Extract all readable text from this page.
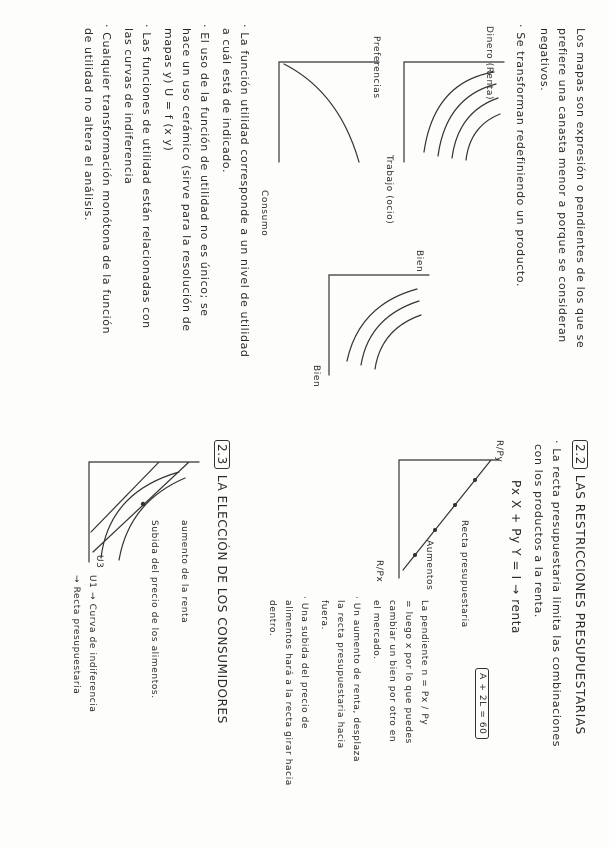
Los mapas son expresión o pendientes de los que se
prefiere una canasta menor a porque se consideran
negativos.
· Se transforman redefiniendo un producto.
Dinero (Renta)
Trabajo (ocio)
Preferencias
Consumo
Bien
Bien
· La función utilidad corresponde a un nivel de utilidad
a cuál está de indicado.
· El uso de la función de utilidad no es único; se
hace un uso cerámico (sirve para la resolución de
mapas y) U = f (x y)
· Las funciones de utilidad están relacionadas con
las curvas de indiferencia
· Cualquier transformación monótona de la función
de utilidad no altera el análisis.
2.2LAS RESTRICCIONES PRESUPUESTARIAS
· La recta presupuestaria limita las combinaciones
con los productos a la renta.
Px X + Py Y = I → renta
R/Py
R/Px	Recta presupuestaria
Aumentos
A + 2L = 60
La pendiente n = Px / Py
= luego x por lo que puedes
cambiar un bien por otro en
el mercado.
· Un aumento de renta, desplaza
la recta presupuestaria hacia
fuera.
· Una subida del precio de
alimentos hará a la recta girar hacia
dentro.
2.3LA ELECCIÓN DE LOS CONSUMIDORES
aumento de la renta
Subida del precio de los alimentos.
U3
U1 → Curva de indiferencia
→ Recta presupuestaria
